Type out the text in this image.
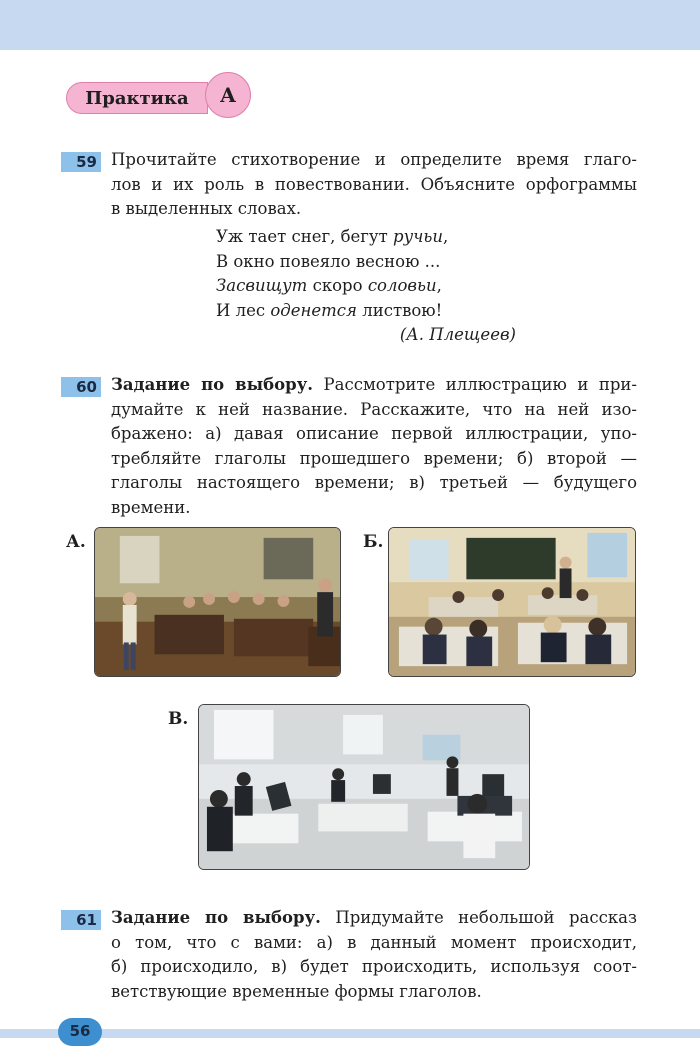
Практика	А
59 Прочитайте стихотворение и определите время глаго-
лов и их роль в повествовании. Объясните орфограммы
в выделенных словах.
Уж тает снег, бегут ручьи,
В окно повеяло весною ...
Засвищут скоро соловьи,
И лес оденется листвою!
(А. Плещеев)
60 Задание по выбору. Рассмотрите иллюстрацию и при-
думайте к ней название. Расскажите, что на ней изо-
бражено: а) давая описание первой иллюстрации, упо-
требляйте глаголы прошедшего времени; б) второй —
глаголы настоящего времени; в) третьей — будущего
времени.
А.	Б.
В.
61 Задание по выбору. Придумайте небольшой рассказ
о том, что с вами: а) в данный момент происходит,
б) происходило, в) будет происходить, используя соот-
ветствующие временные формы глаголов.
56
